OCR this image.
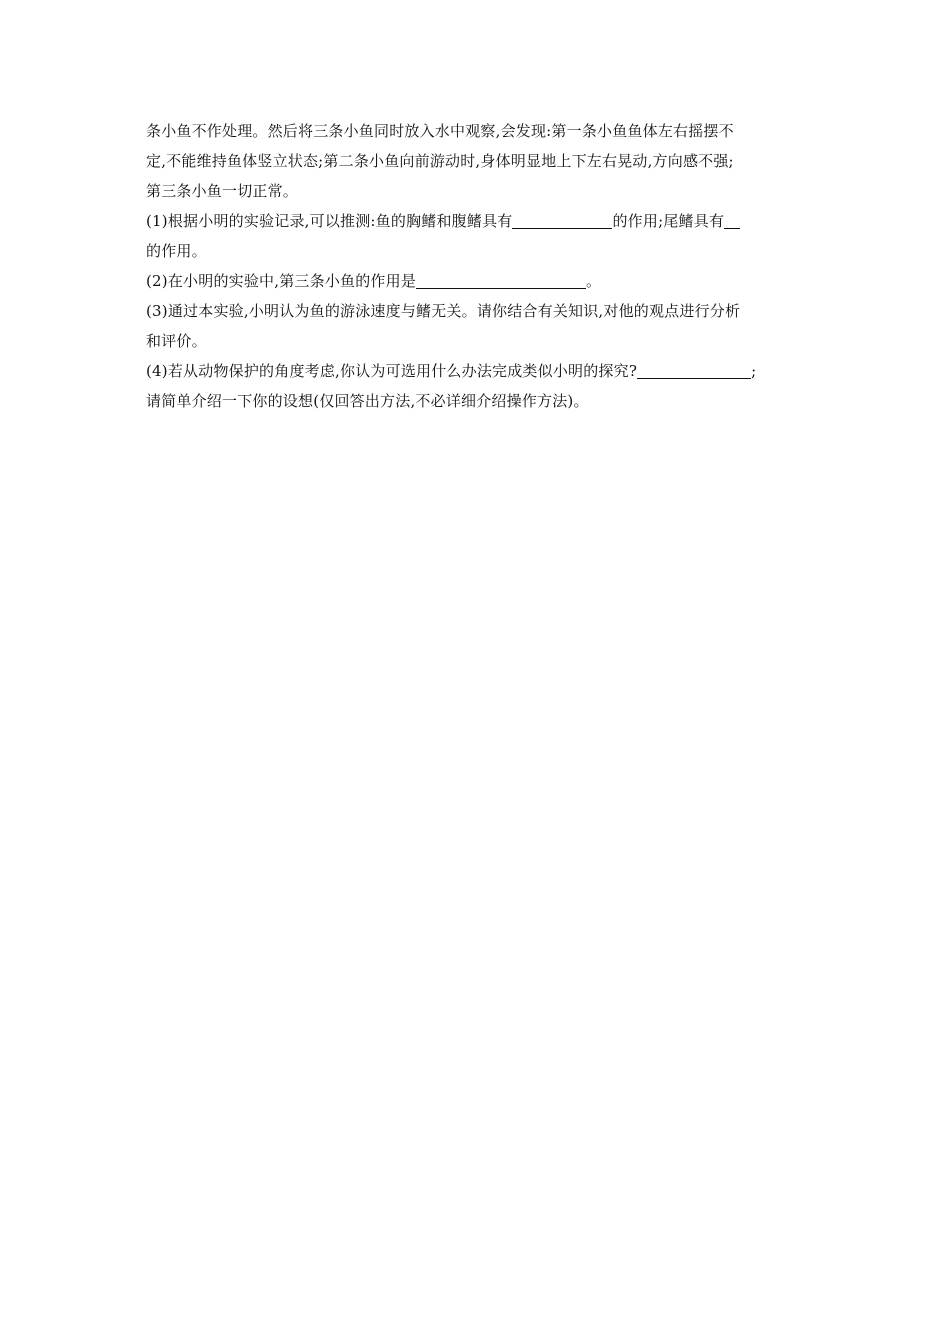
条小鱼不作处理。然后将三条小鱼同时放入水中观察,会发现:第一条小鱼鱼体左右摇摆不
定,不能维持鱼体竖立状态;第二条小鱼向前游动时,身体明显地上下左右晃动,方向感不强;
第三条小鱼一切正常。
(1)根据小明的实验记录,可以推测:鱼的胸鳍和腹鳍具有	的作用;尾鳍具有
的作用。
(2)在小明的实验中,第三条小鱼的作用是	。
(3)通过本实验,小明认为鱼的游泳速度与鳍无关。请你结合有关知识,对他的观点进行分析
和评价。
(4)若从动物保护的角度考虑,你认为可选用什么办法完成类似小明的探究?	;
请简单介绍一下你的设想(仅回答出方法,不必详细介绍操作方法)。
